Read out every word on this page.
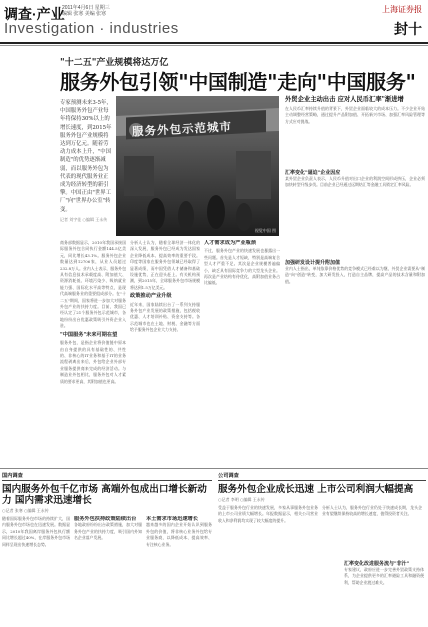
调查·产业
2011年4月6日 星期三
编辑 张寒 美编 张寒
Investigation · industries
上海证券报
封十
"十二五"产业规模将达万亿
服务外包引领"中国制造"走向"中国服务"
专家预测未来3-5年，中国服务外包产业每年将保持30%以上的增长速度，到2015年服务外包产业规模将达到万亿元。随着劳动力成本上升，"中国制造"的优势逐渐减弱，而以服务外包为代表的现代服务业正成为经济转型的新引擎。中国正由"世界工厂"向"世界办公室"转变。
记者 刘宇佳 ○编辑 王永传
服务外包示范城市
视觉中国 图
商务部数据显示，2010年我国承接国际服务外包合同执行金额144.5亿美元，同比增长43.1%。服务外包企业数量达到12706家，从业人员超过232.8万人。业内人士表示，服务外包具有信息技术承载度高、附加值大、资源消耗低、环境污染少、吸纳就业能力强、国际化水平高等特点，是现代高端服务业的重要组成部分。在"十二五"期间，国家将进一步加大对服务外包产业的扶持力度。目前，我国已经认定了21个服务外包示范城市，各地纷纷出台优惠政策吸引外资企业入驻。
"中国服务"未来可期在望
服务外包，是指企业将价值链中原本由自身提供的具有基础性的、共性的、非核心的IT业务和基于IT的业务流程剥离出来后，外包给企业外部专业服务提供商来完成的经济活动。与制造业外包相比，服务外包对人才素质的要求更高，其附加值也更高。
分析人士认为，随着全球经济一体化的深入发展，服务外包已经成为发达国家企业降低成本、提高效率的重要手段。印度等国家在服务外包领域已经取得了显著成绩，而中国凭借人才储备和基础设施优势，正在迎头赶上。有关机构预测，到2015年，全球服务外包市场规模将达到1.5万亿美元。
政策推动产业升级
近年来，国家陆续出台了一系列支持服务外包产业发展的政策措施，包括税收优惠、人才培训补贴、资金支持等。各示范城市也在土地、财税、金融等方面给予服务外包企业大力支持。
人才需求成为产业瓶颈
不过，服务外包产业的快速发展也暴露出一些问题。首先是人才短缺，特别是高端复合型人才严重不足。其次是企业规模普遍偏小，缺乏具有国际竞争力的大型龙头企业。再次是产业结构有待优化，高附加值业务占比偏低。
外贸企业主动出击 应对人民币汇率"渐进增
在人民币汇率持续升值的背景下，外贸企业面临较大的成本压力。不少企业开始主动调整经营策略，通过提升产品附加值、开拓新兴市场、加强汇率风险管理等方式应对挑战。
汇率变化"逼迫"企业因应
某外贸企业负责人表示，人民币升值对出口企业的利润空间形成挤压，企业必须加快转型升级步伐。目前企业已经通过远期结汇等金融工具锁定汇率风险。
加强研发设计提升附加值
业内人士指出，单纯依靠价格优势的竞争模式已经难以为继，外贸企业需要从"制造"向"创造"转变，加大研发投入，打造自主品牌，提高产品的技术含量和附加值。
国内调查
国内服务外包千亿市场 高端外包成出口增长新动力 国内需求迅速增长
○记者 张寒 ○编辑 王永传
随着国际服务外包市场的持续扩大，国内服务外包市场也在迅速发展。数据显示，2010年我国离岸服务外包执行额同比增长超过40%，在岸服务外包市场同样呈现出快速增长态势。
服务外包扶持政策陆续出台
各地政府纷纷出台政策措施，加大对服务外包产业的扶持力度，吸引国内外知名企业落户发展。
本土需求市场迅速增长
越来越多的国内企业开始认识到服务外包的价值，将非核心业务外包给专业服务商，以降低成本、提高效率、专注核心业务。
公司调查
服务外包企业成长迅速 上市公司利润大幅提高
○记者 李明 ○编辑 王永传
受益于服务外包行业的快速发展，多家从事服务外包业务的上市公司业绩大幅增长。年报数据显示，相关公司营业收入和净利润均实现了较大幅度的提升。
分析人士认为，服务外包行业仍处于快速成长期，龙头企业有望继续保持较高的增长速度，值得投资者关注。
汇率变化改进服务流与"非汁"
专家建议，政府应进一步完善外贸政策支持体系，为企业提供更多的汇率避险工具和融资便利，帮助企业渡过难关。
